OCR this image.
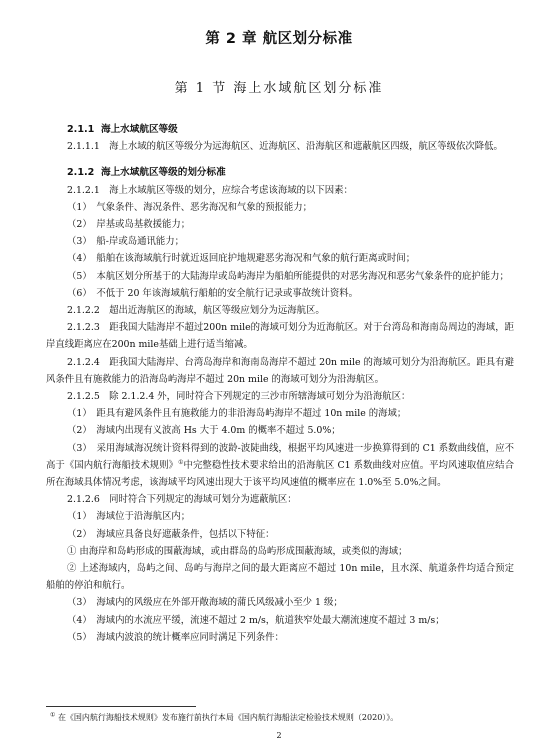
第 2 章 航区划分标准
第 1 节 海上水域航区划分标准

2.1.1 海上水域航区等级

2.1.1.1　海上水域的航区等级分为远海航区、近海航区、沿海航区和遮蔽航区四级，航区等级依次降低。

2.1.2 海上水域航区等级的划分标准

2.1.2.1　海上水域航区等级的划分，应综合考虑该海域的以下因素：

（1）　气象条件、海况条件、恶劣海况和气象的预报能力；

（2）　岸基或岛基救援能力；

（3）　船-岸或岛通讯能力；

（4）　船舶在该海域航行时就近返回庇护地规避恶劣海况和气象的航行距离或时间；

（5）　本航区划分所基于的大陆海岸或岛屿海岸为船舶所能提供的对恶劣海况和恶劣气象条件的庇护能力；

（6）　不低于 20 年该海域航行船舶的安全航行记录或事故统计资料。

2.1.2.2　超出近海航区的海域，航区等级应划分为远海航区。

2.1.2.3　距我国大陆海岸不超过200n mile的海域可划分为近海航区。对于台湾岛和海南岛周边的海域，距岸直线距离应在200n mile基础上进行适当缩减。

2.1.2.4　距我国大陆海岸、台湾岛海岸和海南岛海岸不超过 20n mile 的海域可划分为沿海航区。距具有避风条件且有施救能力的沿海岛屿海岸不超过 20n mile 的海域可划分为沿海航区。

2.1.2.5　除 2.1.2.4 外，同时符合下列规定的三沙市所辖海域可划分为沿海航区：

（1）　距具有避风条件且有施救能力的非沿海岛屿海岸不超过 10n mile 的海域；

（2）　海域内出现有义波高 Hs 大于 4.0m 的概率不超过 5.0%；

（3）　采用海域海况统计资料得到的波龄-波陡曲线，根据平均风速进一步换算得到的 C1 系数曲线值，应不高于《国内航行海船技术规则》①中完整稳性技术要求给出的沿海航区 C1 系数曲线对应值。平均风速取值应结合所在海域具体情况考虑，该海域平均风速出现大于该平均风速值的概率应在 1.0%至 5.0%之间。

2.1.2.6　同时符合下列规定的海域可划分为遮蔽航区：

（1）　海域位于沿海航区内；

（2）　海域应具备良好遮蔽条件，包括以下特征：

① 由海岸和岛屿形成的围蔽海域，或由群岛的岛屿形成围蔽海域，或类似的海域；

② 上述海域内，岛屿之间、岛屿与海岸之间的最大距离应不超过 10n mile，且水深、航道条件均适合预定船舶的停泊和航行。

（3）　海域内的风级应在外部开敞海域的蒲氏风级减小至少 1 级；

（4）　海域内的水流应平缓，流速不超过 2 m/s，航道狭窄处最大潮流速度不超过 3 m/s；

（5）　海域内波浪的统计概率应同时满足下列条件：

① 在《国内航行海船技术规则》发布施行前执行本局《国内航行海船法定检验技术规则（2020）》。
2
